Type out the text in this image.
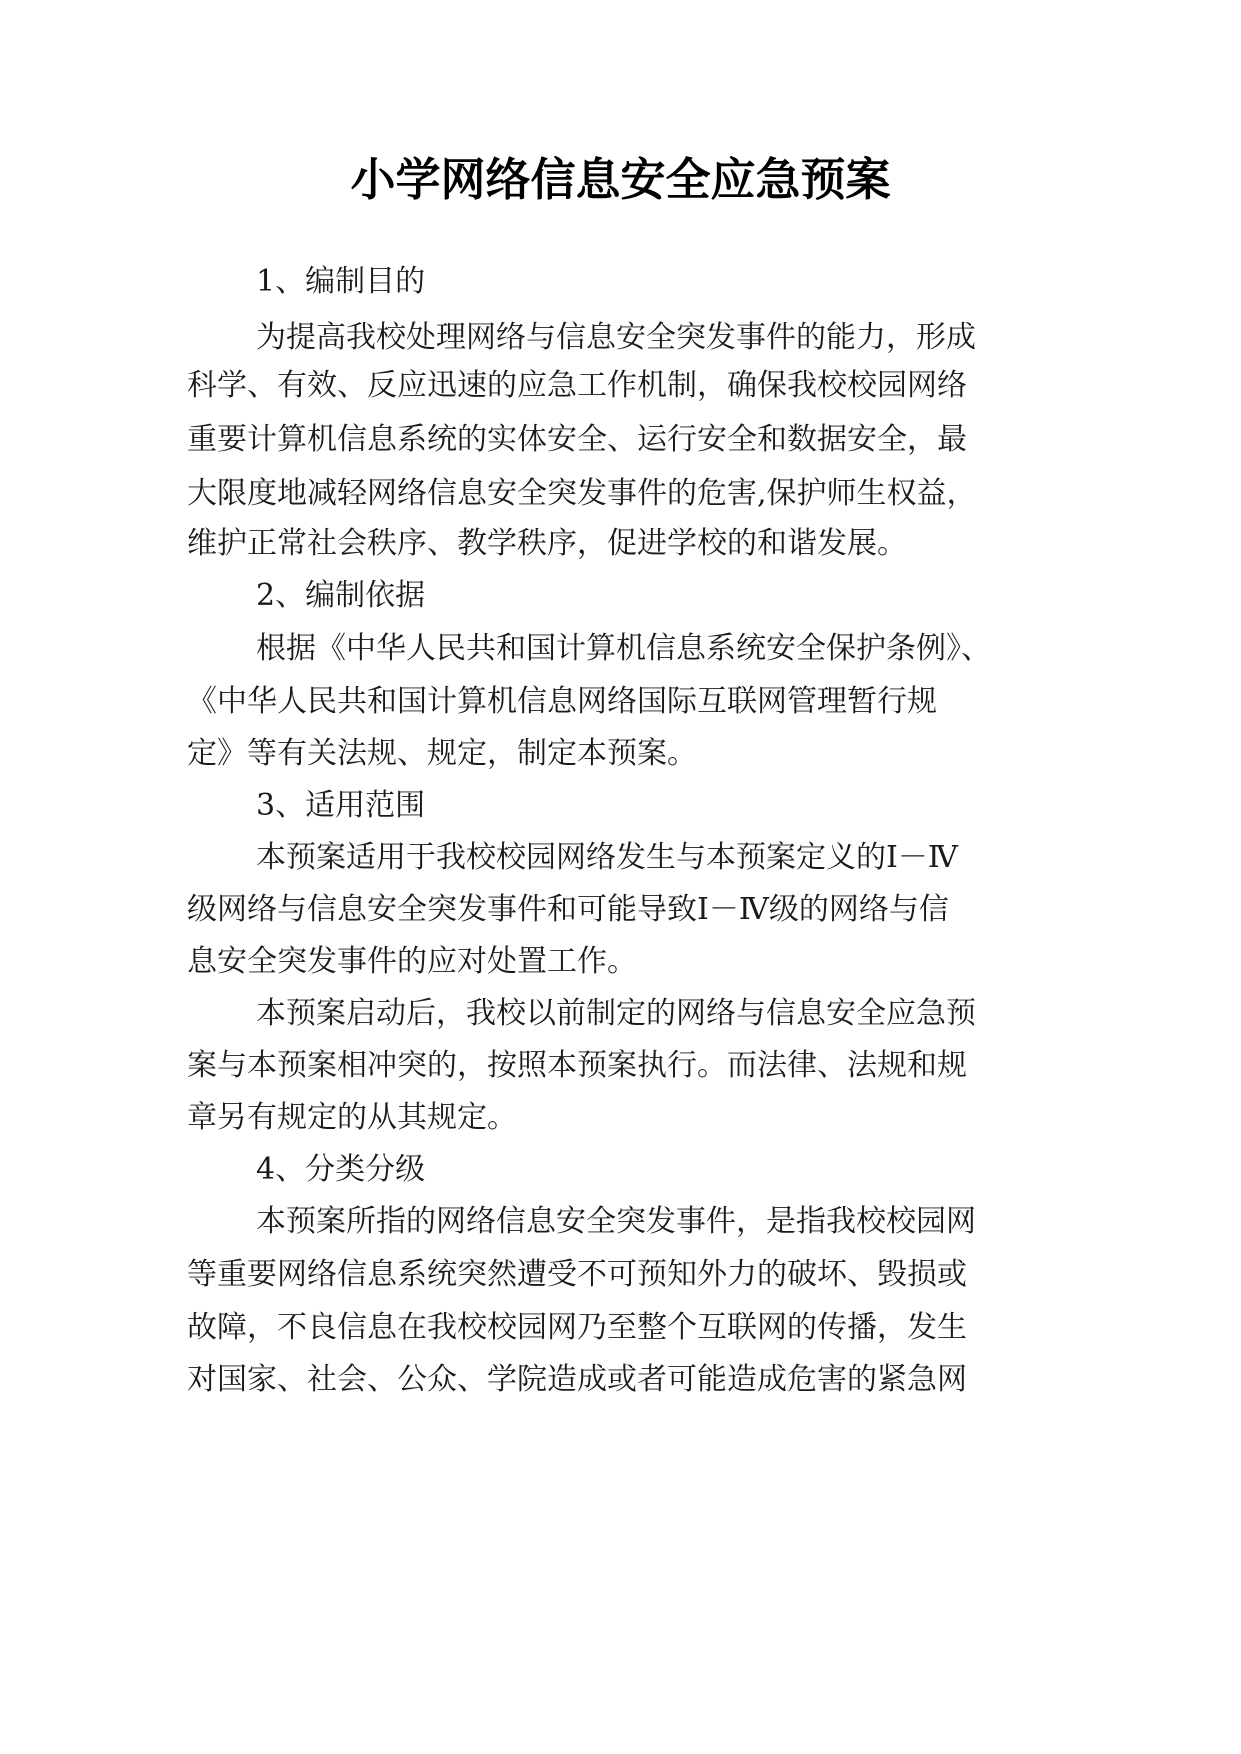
小学网络信息安全应急预案
1、编制目的
为提高我校处理网络与信息安全突发事件的能力，形成
科学、有效、反应迅速的应急工作机制，确保我校校园网络
重要计算机信息系统的实体安全、运行安全和数据安全，最
大限度地减轻网络信息安全突发事件的危害,保护师生权益，
维护正常社会秩序、教学秩序，促进学校的和谐发展。
2、编制依据
根据《中华人民共和国计算机信息系统安全保护条例》、
《中华人民共和国计算机信息网络国际互联网管理暂行规
定》等有关法规、规定，制定本预案。
3、适用范围
本预案适用于我校校园网络发生与本预案定义的Ⅰ－Ⅳ
级网络与信息安全突发事件和可能导致Ⅰ－Ⅳ级的网络与信
息安全突发事件的应对处置工作。
本预案启动后，我校以前制定的网络与信息安全应急预
案与本预案相冲突的，按照本预案执行。而法律、法规和规
章另有规定的从其规定。
4、分类分级
本预案所指的网络信息安全突发事件，是指我校校园网
等重要网络信息系统突然遭受不可预知外力的破坏、毁损或
故障，不良信息在我校校园网乃至整个互联网的传播，发生
对国家、社会、公众、学院造成或者可能造成危害的紧急网
